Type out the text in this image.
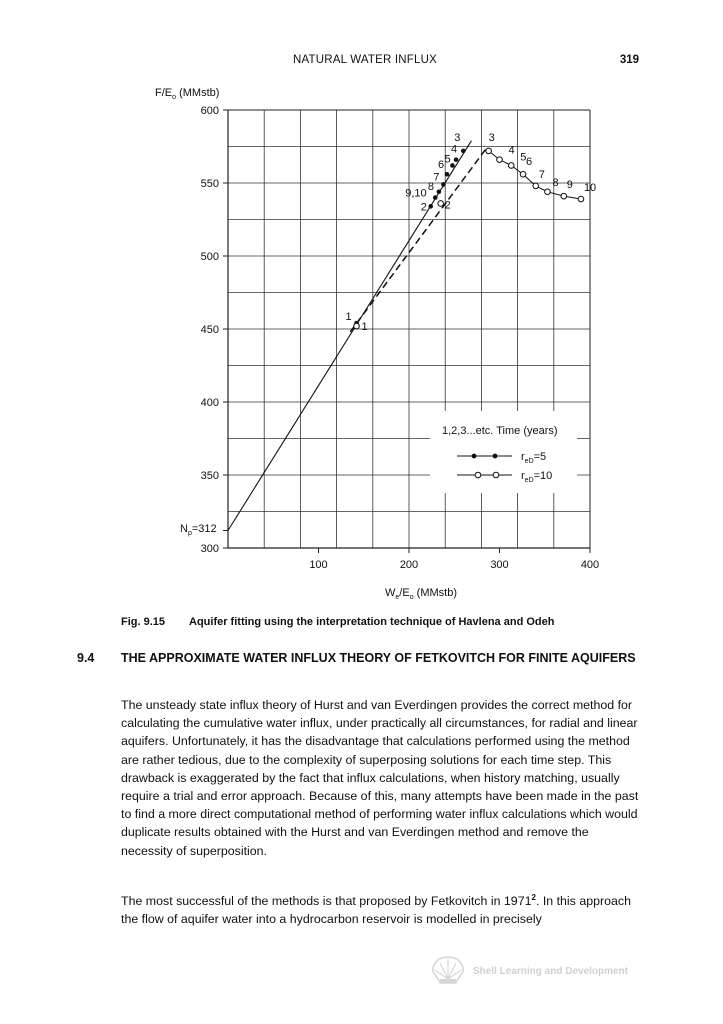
NATURAL WATER INFLUX	319
300
350
400
450
500
550
600
100	200	300	400
$F/E_o$ (MMstb)
$W_e/E_o$ (MMstb)
$N_p=312$
1
2
9,10
8
7
6 5
4
3
1
2
3
4
5 6
7
8 9 10
1,2,3...etc. Time (years)
$r_{eD}=5$
$r_{eD}=10$
Fig. 9.15 Aquifer fitting using the interpretation technique of Havlena and Odeh
9.4 THE APPROXIMATE WATER INFLUX THEORY OF FETKOVITCH FOR FINITE AQUIFERS

The unsteady state influx theory of Hurst and van Everdingen provides the correct method for calculating the cumulative water influx, under practically all circumstances, for radial and linear aquifers. Unfortunately, it has the disadvantage that calculations performed using the method are rather tedious, due to the complexity of superposing solutions for each time step. This drawback is exaggerated by the fact that influx calculations, when history matching, usually require a trial and error approach. Because of this, many attempts have been made in the past to find a more direct computational method of performing water influx calculations which would duplicate results obtained with the Hurst and van Everdingen method and remove the necessity of superposition.

The most successful of the methods is that proposed by Fetkovitch in 1971$^2$. In this approach the flow of aquifer water into a hydrocarbon reservoir is modelled in precisely

Shell Learning and Development
